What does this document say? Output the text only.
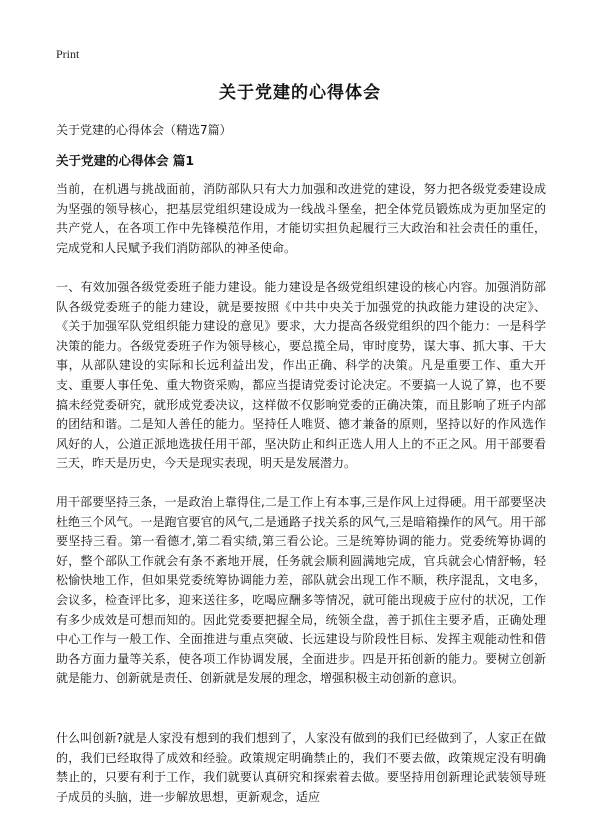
Print
关于党建的心得体会
关于党建的心得体会（精选7篇）
关于党建的心得体会 篇1

当前，在机遇与挑战面前，消防部队只有大力加强和改进党的建设，努力把各级党委建设成为坚强的领导核心，把基层党组织建设成为一线战斗堡垒，把全体党员锻炼成为更加坚定的共产党人，在各项工作中先锋模范作用，才能切实担负起履行三大政治和社会责任的重任，完成党和人民赋予我们消防部队的神圣使命。

一、有效加强各级党委班子能力建设。能力建设是各级党组织建设的核心内容。加强消防部队各级党委班子的能力建设，就是要按照《中共中央关于加强党的执政能力建设的决定》、《关于加强军队党组织能力建设的意见》要求，大力提高各级党组织的四个能力：一是科学决策的能力。各级党委班子作为领导核心，要总揽全局，审时度势，谋大事、抓大事、干大事，从部队建设的实际和长远利益出发，作出正确、科学的决策。凡是重要工作、重大开支、重要人事任免、重大物资采购，都应当提请党委讨论决定。不要搞一人说了算，也不要搞未经党委研究，就形成党委决议，这样做不仅影响党委的正确决策，而且影响了班子内部的团结和谐。二是知人善任的能力。坚持任人唯贤、德才兼备的原则，坚持以好的作风选作风好的人，公道正派地选拔任用干部，坚决防止和纠正选人用人上的不正之风。用干部要看三天，昨天是历史，今天是现实表现，明天是发展潜力。

用干部要坚持三条，一是政治上靠得住,二是工作上有本事,三是作风上过得硬。用干部要坚决杜绝三个风气。一是跑官要官的风气,二是通路子找关系的风气,三是暗箱操作的风气。用干部要坚持三看。第一看德才,第二看实绩,第三看公论。三是统筹协调的能力。党委统筹协调的好，整个部队工作就会有条不紊地开展，任务就会顺利圆满地完成，官兵就会心情舒畅，轻松愉快地工作，但如果党委统筹协调能力差，部队就会出现工作不顺，秩序混乱，文电多，会议多，检查评比多，迎来送往多，吃喝应酬多等情况，就可能出现疲于应付的状况，工作有多少成效是可想而知的。因此党委要把握全局，统领全盘，善于抓住主要矛盾，正确处理中心工作与一般工作、全面推进与重点突破、长远建设与阶段性目标、发挥主观能动性和借助各方面力量等关系，使各项工作协调发展，全面进步。四是开拓创新的能力。要树立创新就是能力、创新就是责任、创新就是发展的理念，增强积极主动创新的意识。

什么叫创新?就是人家没有想到的我们想到了，人家没有做到的我们已经做到了，人家正在做的，我们已经取得了成效和经验。政策规定明确禁止的，我们不要去做，政策规定没有明确禁止的，只要有利于工作，我们就要认真研究和探索着去做。要坚持用创新理论武装领导班子成员的头脑，进一步解放思想，更新观念，适应
